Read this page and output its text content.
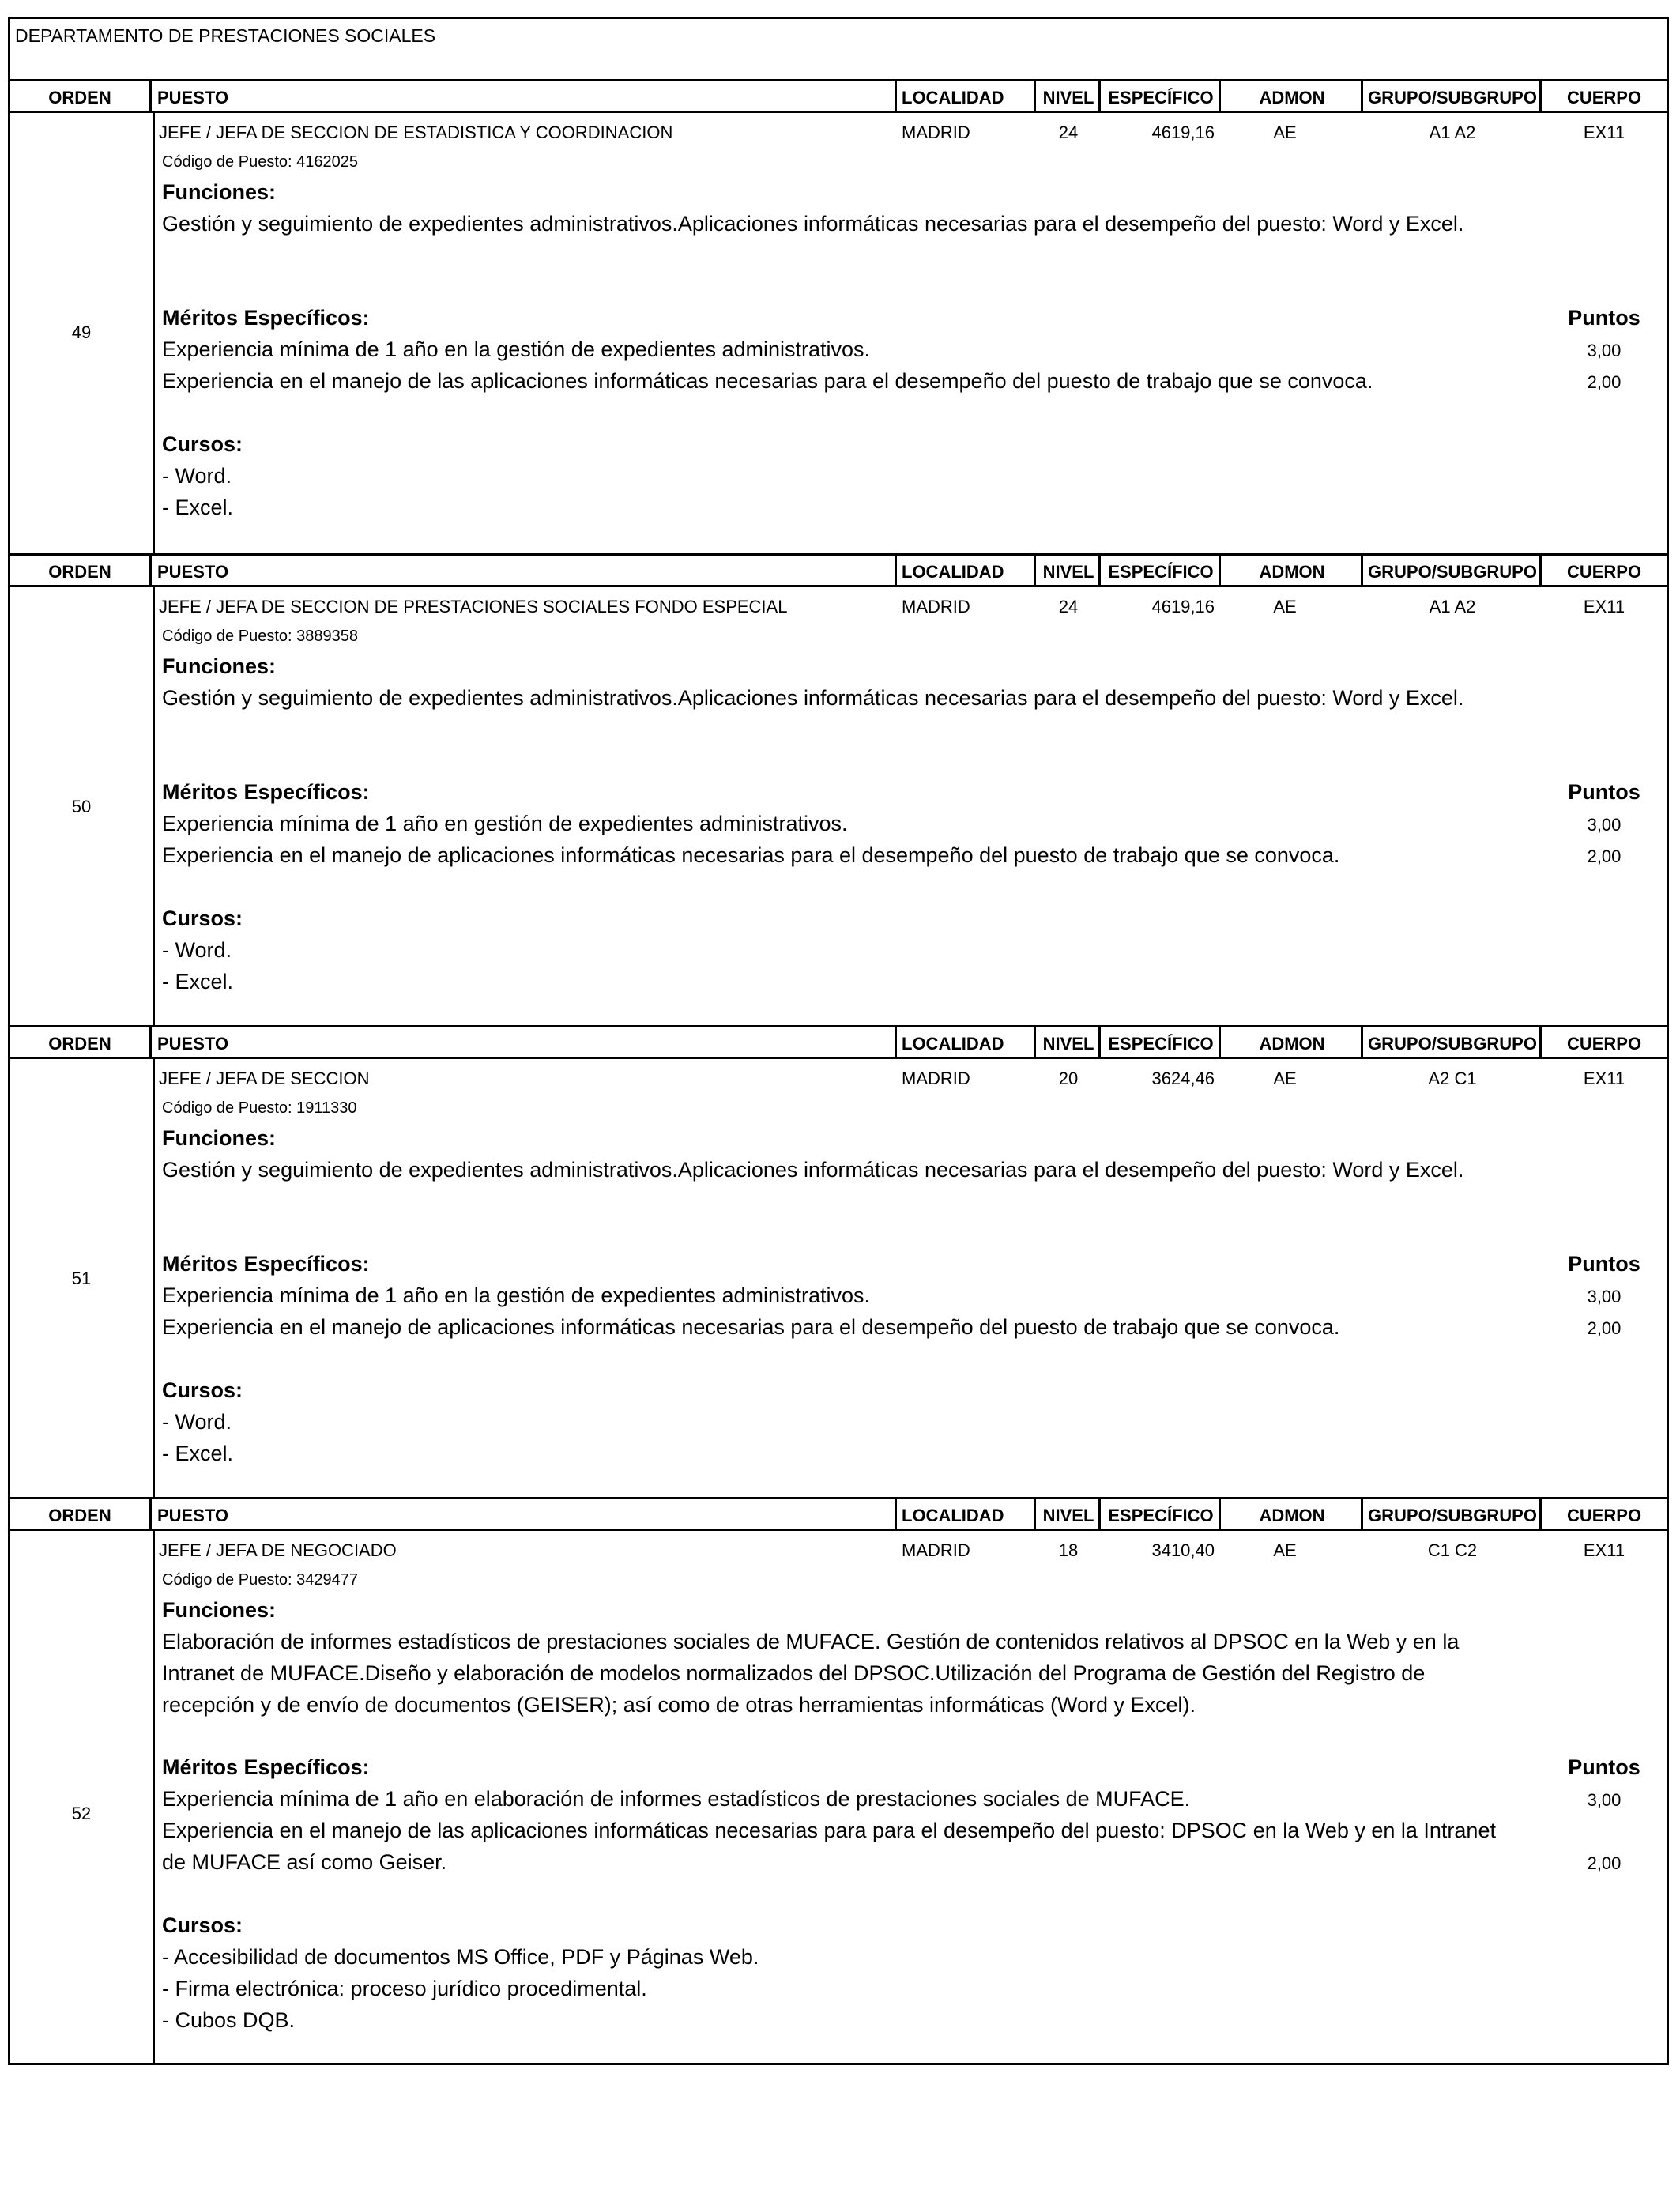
DEPARTAMENTO DE PRESTACIONES SOCIALES
ORDEN	PUESTO	LOCALIDAD	NIVEL ESPECÍFICO	ADMON	GRUPO/SUBGRUPO	CUERPO
49
JEFE / JEFA DE SECCION DE ESTADISTICA Y COORDINACION	MADRID	24	4619,16	AE	A1 A2	EX11
Código de Puesto: 4162025
Funciones:
Gestión y seguimiento de expedientes administrativos.Aplicaciones informáticas necesarias para el desempeño del puesto: Word y Excel.
Méritos Específicos:	Puntos
Experiencia mínima de 1 año en la gestión de expedientes administrativos.	3,00
Experiencia en el manejo de las aplicaciones informáticas necesarias para el desempeño del puesto de trabajo que se convoca.	2,00
Cursos:
- Word.
- Excel.
ORDEN	PUESTO	LOCALIDAD	NIVEL ESPECÍFICO	ADMON	GRUPO/SUBGRUPO	CUERPO
50
JEFE / JEFA DE SECCION DE PRESTACIONES SOCIALES FONDO ESPECIAL	MADRID	24	4619,16	AE	A1 A2	EX11
Código de Puesto: 3889358
Funciones:
Gestión y seguimiento de expedientes administrativos.Aplicaciones informáticas necesarias para el desempeño del puesto: Word y Excel.
Méritos Específicos:	Puntos
Experiencia mínima de 1 año en gestión de expedientes administrativos.	3,00
Experiencia en el manejo de aplicaciones informáticas necesarias para el desempeño del puesto de trabajo que se convoca.	2,00
Cursos:
- Word.
- Excel.
ORDEN	PUESTO	LOCALIDAD	NIVEL ESPECÍFICO	ADMON	GRUPO/SUBGRUPO	CUERPO
51
JEFE / JEFA DE SECCION	MADRID	20	3624,46	AE	A2 C1	EX11
Código de Puesto: 1911330
Funciones:
Gestión y seguimiento de expedientes administrativos.Aplicaciones informáticas necesarias para el desempeño del puesto: Word y Excel.
Méritos Específicos:	Puntos
Experiencia mínima de 1 año en la gestión de expedientes administrativos.	3,00
Experiencia en el manejo de aplicaciones informáticas necesarias para el desempeño del puesto de trabajo que se convoca.	2,00
Cursos:
- Word.
- Excel.
ORDEN	PUESTO	LOCALIDAD	NIVEL ESPECÍFICO	ADMON	GRUPO/SUBGRUPO	CUERPO
52
JEFE / JEFA DE NEGOCIADO	MADRID	18	3410,40	AE	C1 C2	EX11
Código de Puesto: 3429477
Funciones:
Elaboración de informes estadísticos de prestaciones sociales de MUFACE. Gestión de contenidos relativos al DPSOC en la Web y en la Intranet de MUFACE.Diseño y elaboración de modelos normalizados del DPSOC.Utilización del Programa de Gestión del Registro de recepción y de envío de documentos (GEISER); así como de otras herramientas informáticas (Word y Excel).
Méritos Específicos:	Puntos
Experiencia mínima de 1 año en elaboración de informes estadísticos de prestaciones sociales de MUFACE.	3,00
Experiencia en el manejo de las aplicaciones informáticas necesarias para para el desempeño del puesto: DPSOC en la Web y en la Intranet de MUFACE así como Geiser.	2,00
Cursos:
- Accesibilidad de documentos MS Office, PDF y Páginas Web.
- Firma electrónica: proceso jurídico procedimental.
- Cubos DQB.
